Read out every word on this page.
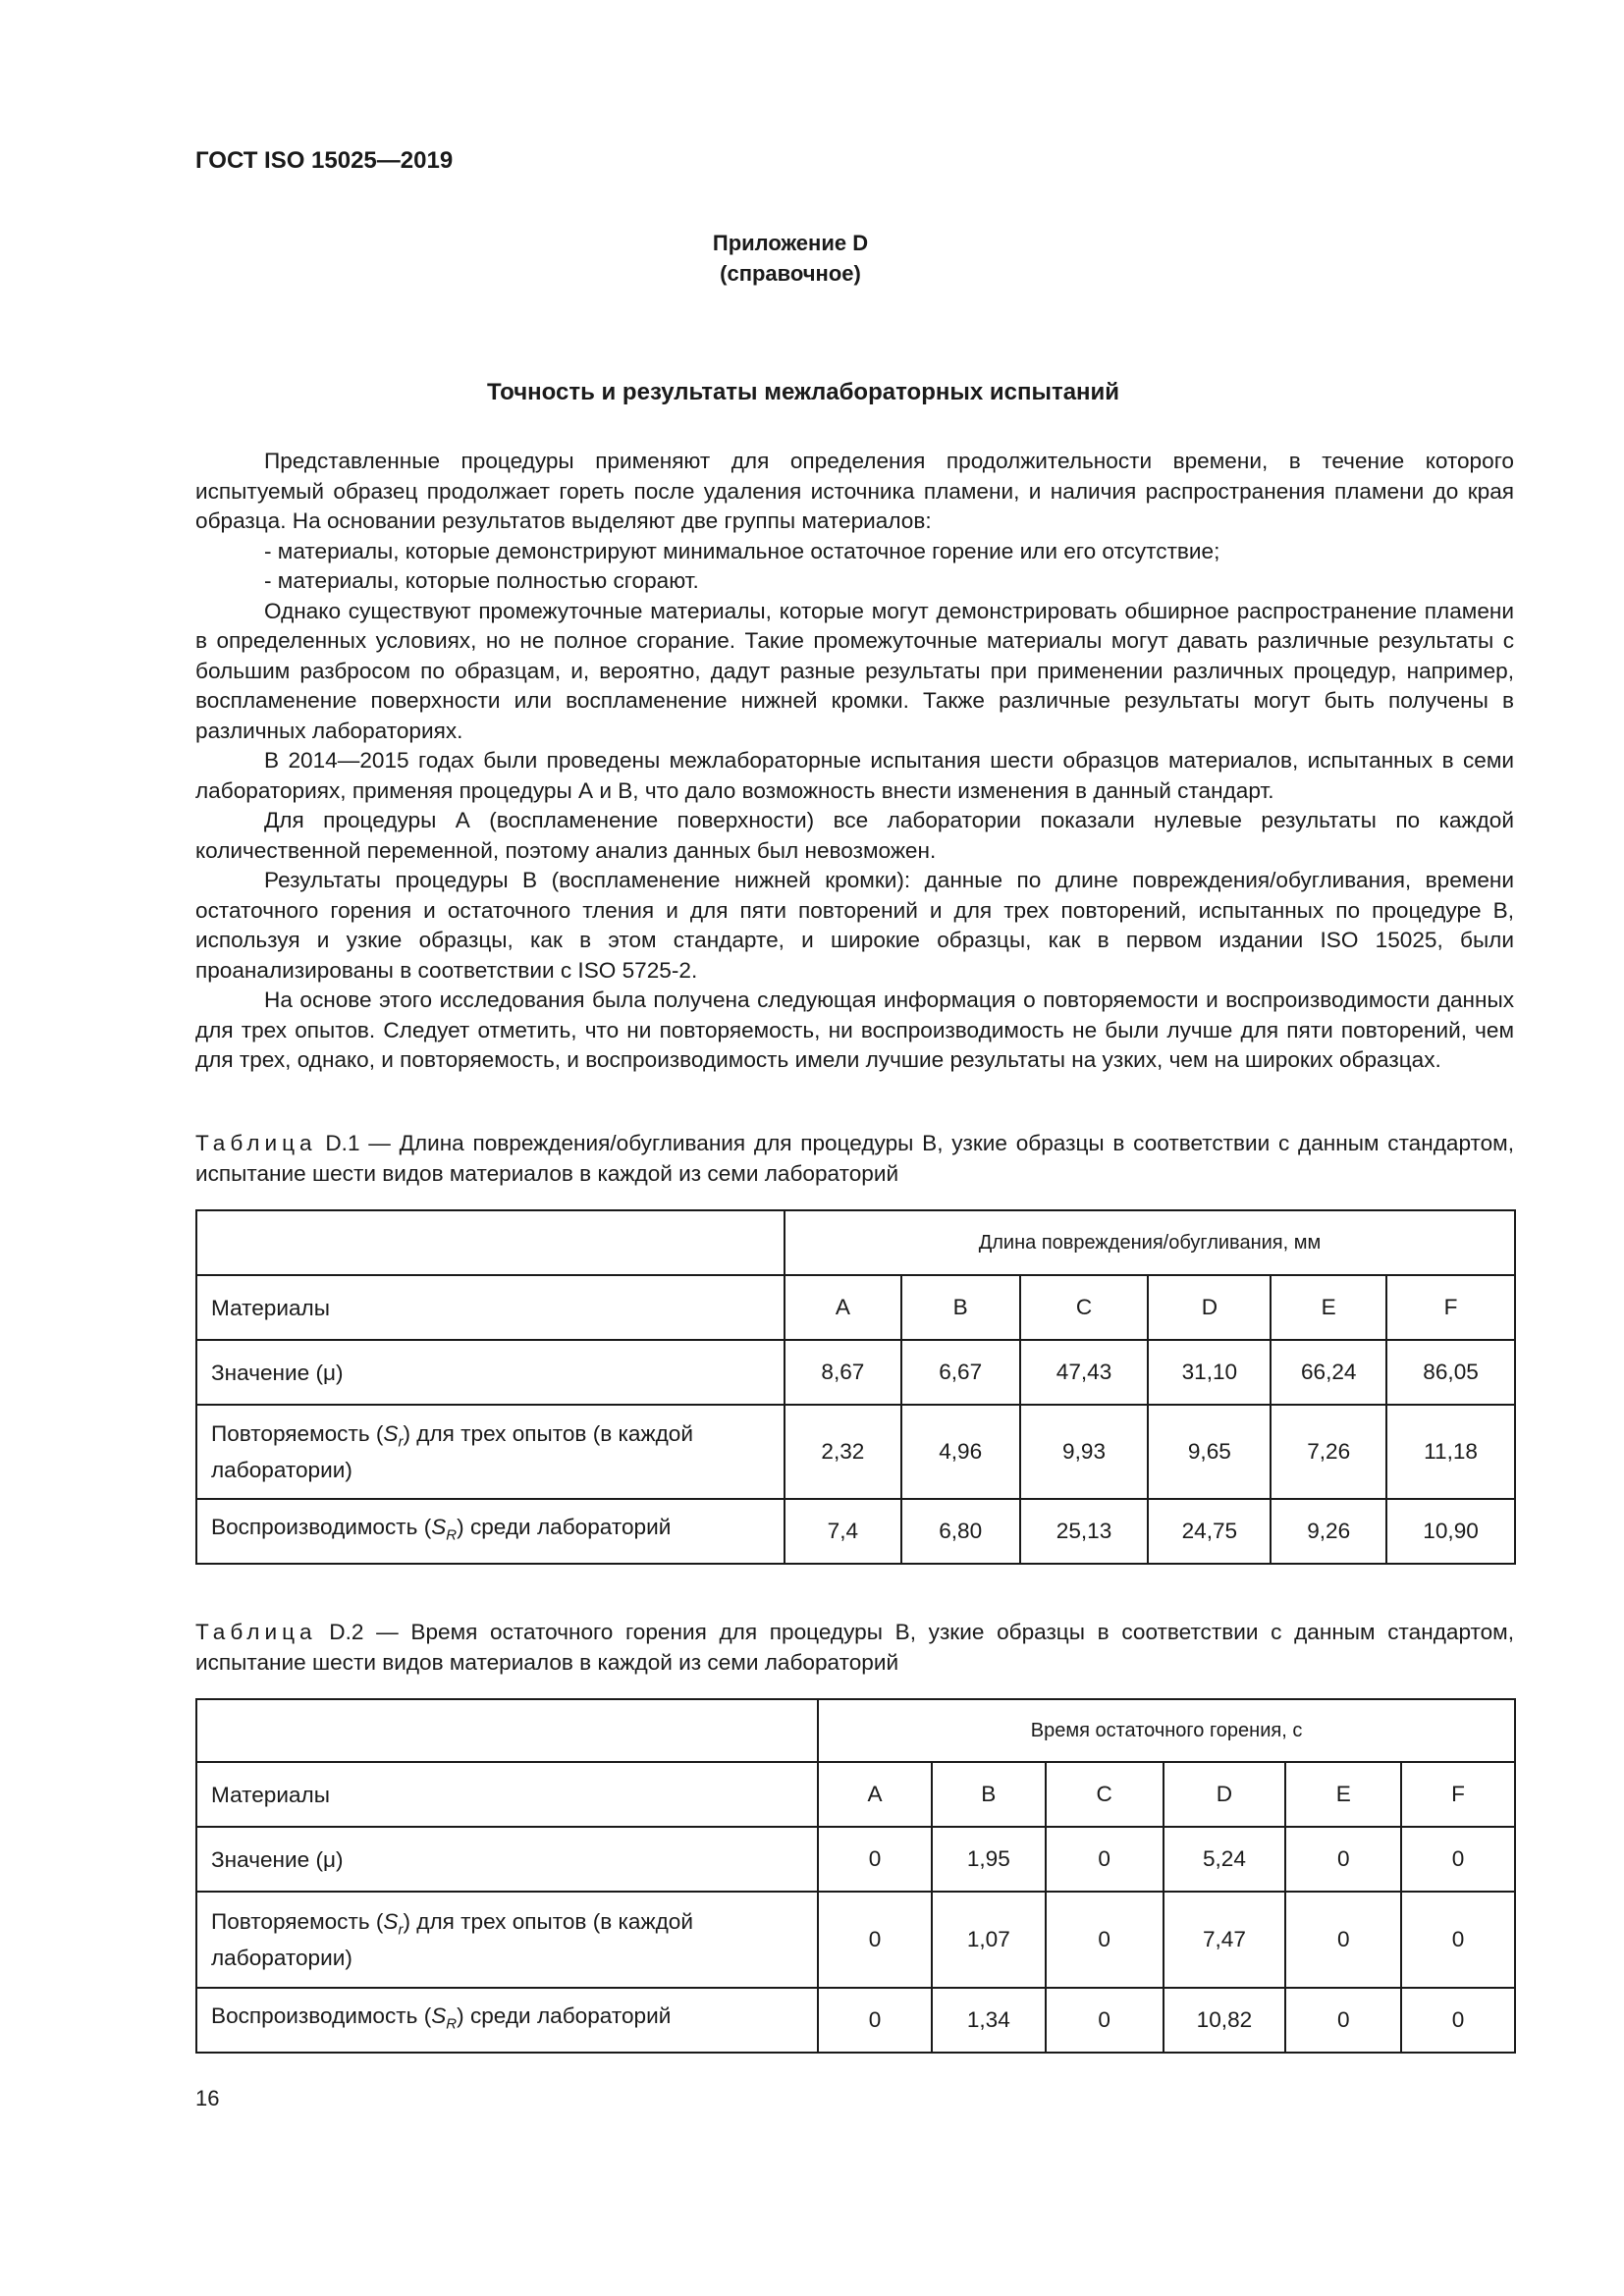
ГОСТ ISO 15025—2019
Приложение D
(справочное)
Точность и результаты межлабораторных испытаний

Представленные процедуры применяют для определения продолжительности времени, в течение которого испытуемый образец продолжает гореть после удаления источника пламени, и наличия распространения пламени до края образца. На основании результатов выделяют две группы материалов:

- материалы, которые демонстрируют минимальное остаточное горение или его отсутствие;

- материалы, которые полностью сгорают.

Однако существуют промежуточные материалы, которые могут демонстрировать обширное распространение пламени в определенных условиях, но не полное сгорание. Такие промежуточные материалы могут давать различные результаты с большим разбросом по образцам, и, вероятно, дадут разные результаты при применении различных процедур, например, воспламенение поверхности или воспламенение нижней кромки. Также различные результаты могут быть получены в различных лабораториях.

В 2014—2015 годах были проведены межлабораторные испытания шести образцов материалов, испытанных в семи лабораториях, применяя процедуры А и В, что дало возможность внести изменения в данный стандарт.

Для процедуры А (воспламенение поверхности) все лаборатории показали нулевые результаты по каждой количественной переменной, поэтому анализ данных был невозможен.

Результаты процедуры В (воспламенение нижней кромки): данные по длине повреждения/обугливания, времени остаточного горения и остаточного тления и для пяти повторений и для трех повторений, испытанных по процедуре В, используя и узкие образцы, как в этом стандарте, и широкие образцы, как в первом издании ISO 15025, были проанализированы в соответствии с ISO 5725-2.

На основе этого исследования была получена следующая информация о повторяемости и воспроизводимости данных для трех опытов. Следует отметить, что ни повторяемость, ни воспроизводимость не были лучше для пяти повторений, чем для трех, однако, и повторяемость, и воспроизводимость имели лучшие результаты на узких, чем на широких образцах.

Таблица D.1 — Длина повреждения/обугливания для процедуры В, узкие образцы в соответствии с данным стандартом, испытание шести видов материалов в каждой из семи лабораторий
	Длина повреждения/обугливания, мм					
Материалы	A	B	C	D	E	F
Значение (μ)	8,67	6,67	47,43	31,10	66,24	86,05
Повторяемость $(S_r)$ для трех опытов (в каждой лаборатории)	2,32	4,96	9,93	9,65	7,26	11,18
Воспроизводимость $(S_R)$ среди лабораторий	7,4	6,80	25,13	24,75	9,26	10,90
Таблица D.2 — Время остаточного горения для процедуры В, узкие образцы в соответствии с данным стандартом, испытание шести видов материалов в каждой из семи лабораторий
	Время остаточного горения, с					
Материалы	A	B	C	D	E	F
Значение (μ)	0	1,95	0	5,24	0	0
Повторяемость $(S_r)$ для трех опытов (в каждой лаборатории)	0	1,07	0	7,47	0	0
Воспроизводимость $(S_R)$ среди лабораторий	0	1,34	0	10,82	0	0
16
